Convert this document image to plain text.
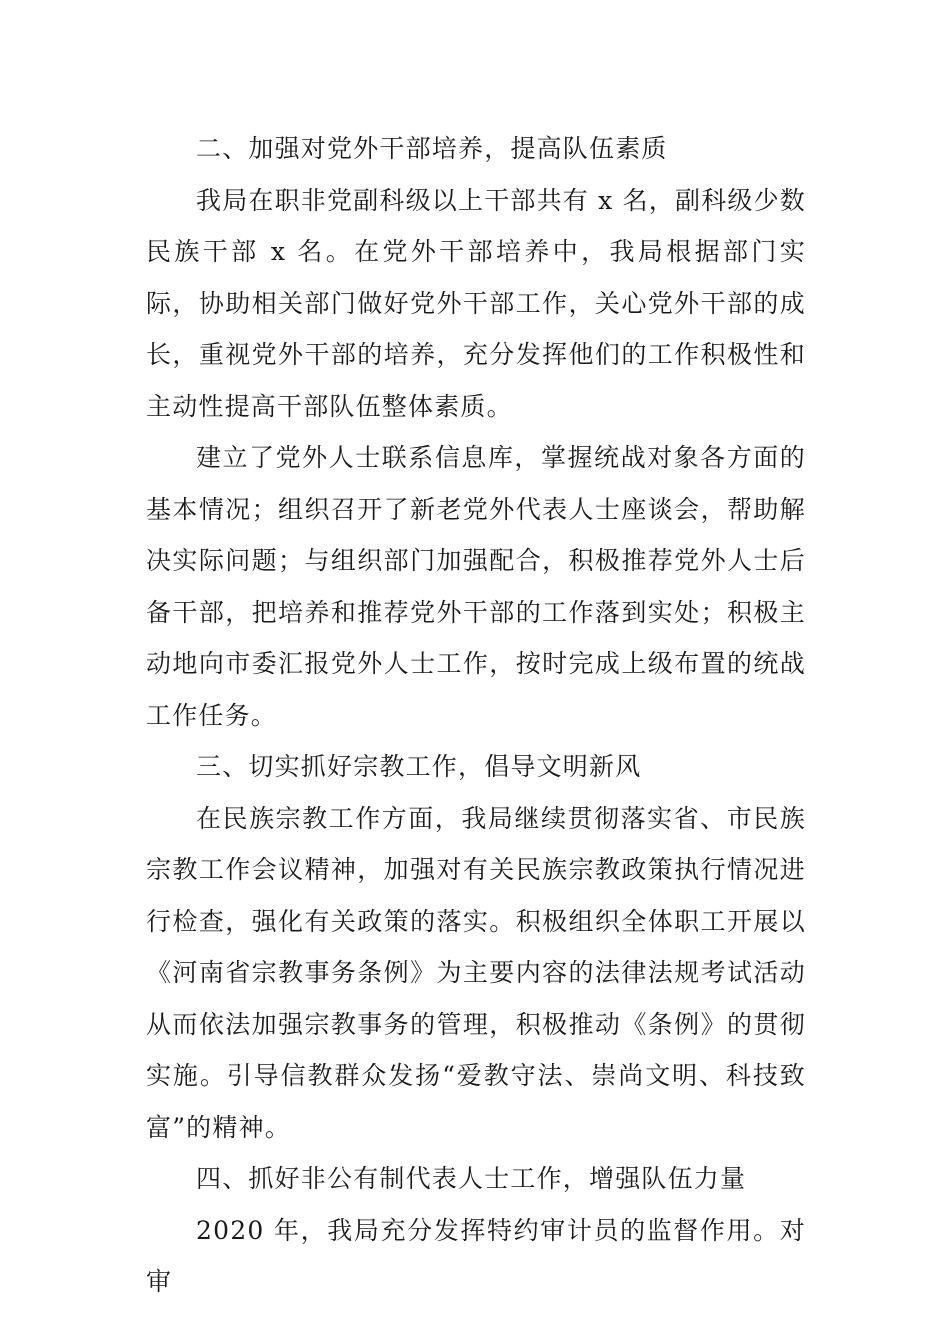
二、加强对党外干部培养，提高队伍素质

我局在职非党副科级以上干部共有 x 名，副科级少数民族干部 x 名。在党外干部培养中，我局根据部门实际，协助相关部门做好党外干部工作，关心党外干部的成长，重视党外干部的培养，充分发挥他们的工作积极性和主动性提高干部队伍整体素质。

建立了党外人士联系信息库，掌握统战对象各方面的基本情况；组织召开了新老党外代表人士座谈会，帮助解决实际问题；与组织部门加强配合，积极推荐党外人士后备干部，把培养和推荐党外干部的工作落到实处；积极主动地向市委汇报党外人士工作，按时完成上级布置的统战工作任务。

三、切实抓好宗教工作，倡导文明新风

在民族宗教工作方面，我局继续贯彻落实省、市民族宗教工作会议精神，加强对有关民族宗教政策执行情况进行检查，强化有关政策的落实。积极组织全体职工开展以《河南省宗教事务条例》为主要内容的法律法规考试活动从而依法加强宗教事务的管理，积极推动《条例》的贯彻实施。引导信教群众发扬“爱教守法、崇尚文明、科技致富”的精神。

四、抓好非公有制代表人士工作，增强队伍力量

2020 年，我局充分发挥特约审计员的监督作用。对审
